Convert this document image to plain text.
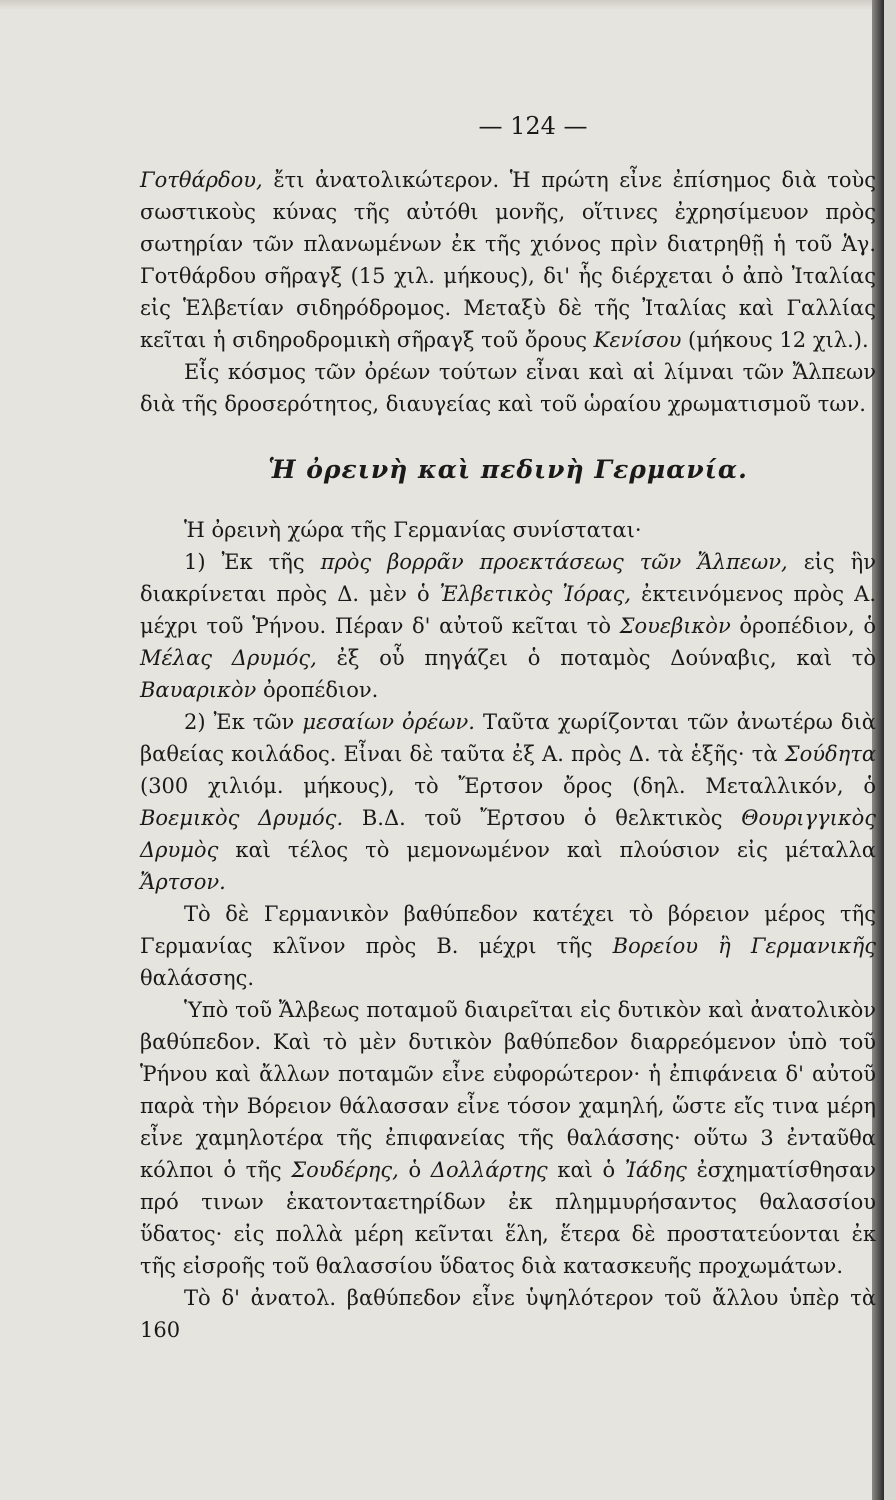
— 124 —

Γοτθάρδου, ἔτι ἀνατολικώτερον. Ἡ πρώτη εἶνε ἐπίσημος διὰ τοὺς σωστικοὺς κύνας τῆς αὐτόθι μονῆς, οἵτινες ἐχρησίμευον πρὸς σωτηρίαν τῶν πλανωμένων ἐκ τῆς χιόνος πρὶν διατρηθῇ ἡ τοῦ Ἁγ. Γοτθάρδου σῆραγξ (15 χιλ. μήκους), δι' ἧς διέρχεται ὁ ἀπὸ Ἰταλίας εἰς Ἑλβετίαν σιδηρόδρομος. Μεταξὺ δὲ τῆς Ἰταλίας καὶ Γαλλίας κεῖται ἡ σιδηροδρομικὴ σῆραγξ τοῦ ὄρους Κενίσου (μήκους 12 χιλ.).

Εἷς κόσμος τῶν ὀρέων τούτων εἶναι καὶ αἱ λίμναι τῶν Ἄλπεων διὰ τῆς δροσερότητος, διαυγείας καὶ τοῦ ὡραίου χρωματισμοῦ των.

Ἡ ὀρεινὴ καὶ πεδινὴ Γερμανία.

Ἡ ὀρεινὴ χώρα τῆς Γερμανίας συνίσταται·

1) Ἐκ τῆς πρὸς βορρᾶν προεκτάσεως τῶν Ἄλπεων, εἰς ἣν διακρίνεται πρὸς Δ. μὲν ὁ Ἐλβετικὸς Ἰόρας, ἐκτεινόμενος πρὸς Α. μέχρι τοῦ Ῥήνου. Πέραν δ' αὐτοῦ κεῖται τὸ Σουεβικὸν ὀροπέδιον, ὁ Μέλας Δρυμός, ἐξ οὗ πηγάζει ὁ ποταμὸς Δούναβις, καὶ τὸ Βαυαρικὸν ὀροπέδιον.

2) Ἐκ τῶν μεσαίων ὀρέων. Ταῦτα χωρίζονται τῶν ἀνωτέρω διὰ βαθείας κοιλάδος. Εἶναι δὲ ταῦτα ἐξ Α. πρὸς Δ. τὰ ἑξῆς· τὰ Σούδητα (300 χιλιόμ. μήκους), τὸ Ἔρτσον ὄρος (δηλ. Μεταλλικόν, ὁ Βοεμικὸς Δρυμός. Β.Δ. τοῦ Ἔρτσου ὁ θελκτικὸς Θουριγγικὸς Δρυμὸς καὶ τέλος τὸ μεμονωμένον καὶ πλούσιον εἰς μέταλλα Ἄρτσον.

Τὸ δὲ Γερμανικὸν βαθύπεδον κατέχει τὸ βόρειον μέρος τῆς Γερμανίας κλῖνον πρὸς Β. μέχρι τῆς Βορείου ἢ Γερμανικῆς θαλάσσης.

Ὑπὸ τοῦ Ἄλβεως ποταμοῦ διαιρεῖται εἰς δυτικὸν καὶ ἀνατολικὸν βαθύπεδον. Καὶ τὸ μὲν δυτικὸν βαθύπεδον διαρρεόμενον ὑπὸ τοῦ Ῥήνου καὶ ἄλλων ποταμῶν εἶνε εὐφορώτερον· ἡ ἐπιφάνεια δ' αὐτοῦ παρὰ τὴν Βόρειον θάλασσαν εἶνε τόσον χαμηλή, ὥστε εἴς τινα μέρη εἶνε χαμηλοτέρα τῆς ἐπιφανείας τῆς θαλάσσης· οὕτω 3 ἐνταῦθα κόλποι ὁ τῆς Σουδέρης, ὁ Δολλάρτης καὶ ὁ Ἰάδης ἐσχηματίσθησαν πρό τινων ἑκατονταετηρίδων ἐκ πλημμυρήσαντος θαλασσίου ὕδατος· εἰς πολλὰ μέρη κεῖνται ἕλη, ἕτερα δὲ προστατεύονται ἐκ τῆς εἰσροῆς τοῦ θαλασσίου ὕδατος διὰ κατασκευῆς προχωμάτων.

Τὸ δ' ἀνατολ. βαθύπεδον εἶνε ὑψηλότερον τοῦ ἄλλου ὑπὲρ τὰ 160
